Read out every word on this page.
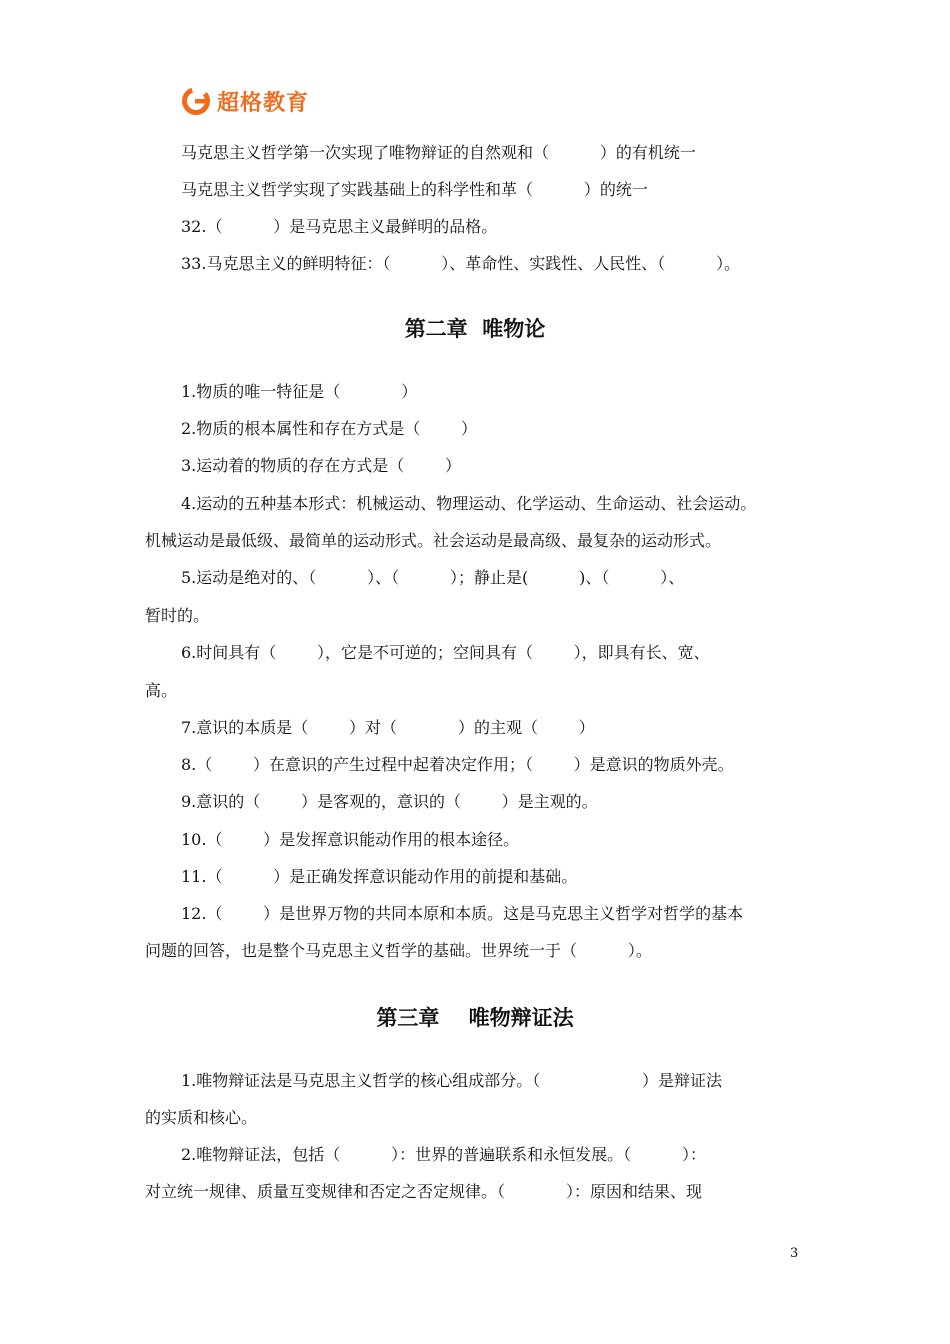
超格教育
马克思主义哲学第一次实现了唯物辩证的自然观和（          ）的有机统一
马克思主义哲学实现了实践基础上的科学性和革（          ）的统一
32.（          ）是马克思主义最鲜明的品格。
33.马克思主义的鲜明特征：（          ）、革命性、实践性、人民性、（          ）。
第二章  唯物论
1.物质的唯一特征是（            ）
2.物质的根本属性和存在方式是（        ）
3.运动着的物质的存在方式是（        ）
4.运动的五种基本形式：机械运动、物理运动、化学运动、生命运动、社会运动。
机械运动是最低级、最简单的运动形式。社会运动是最高级、最复杂的运动形式。
5.运动是绝对的、（          ）、（          ）；静止是(          )、（          ）、
暂时的。
6.时间具有（        ），它是不可逆的；空间具有（        ），即具有长、宽、
高。
7.意识的本质是（        ）对（            ）的主观（        ）
8.（        ）在意识的产生过程中起着决定作用；（        ）是意识的物质外壳。
9.意识的（        ）是客观的，意识的（        ）是主观的。
10.（        ）是发挥意识能动作用的根本途径。
11.（          ）是正确发挥意识能动作用的前提和基础。
12.（        ）是世界万物的共同本原和本质。这是马克思主义哲学对哲学的基本
问题的回答，也是整个马克思主义哲学的基础。世界统一于（          ）。
第三章    唯物辩证法
1.唯物辩证法是马克思主义哲学的核心组成部分。（                    ）是辩证法
的实质和核心。
2.唯物辩证法，包括（          ）：世界的普遍联系和永恒发展。（          ）：
对立统一规律、质量互变规律和否定之否定规律。（            ）：原因和结果、现
3
